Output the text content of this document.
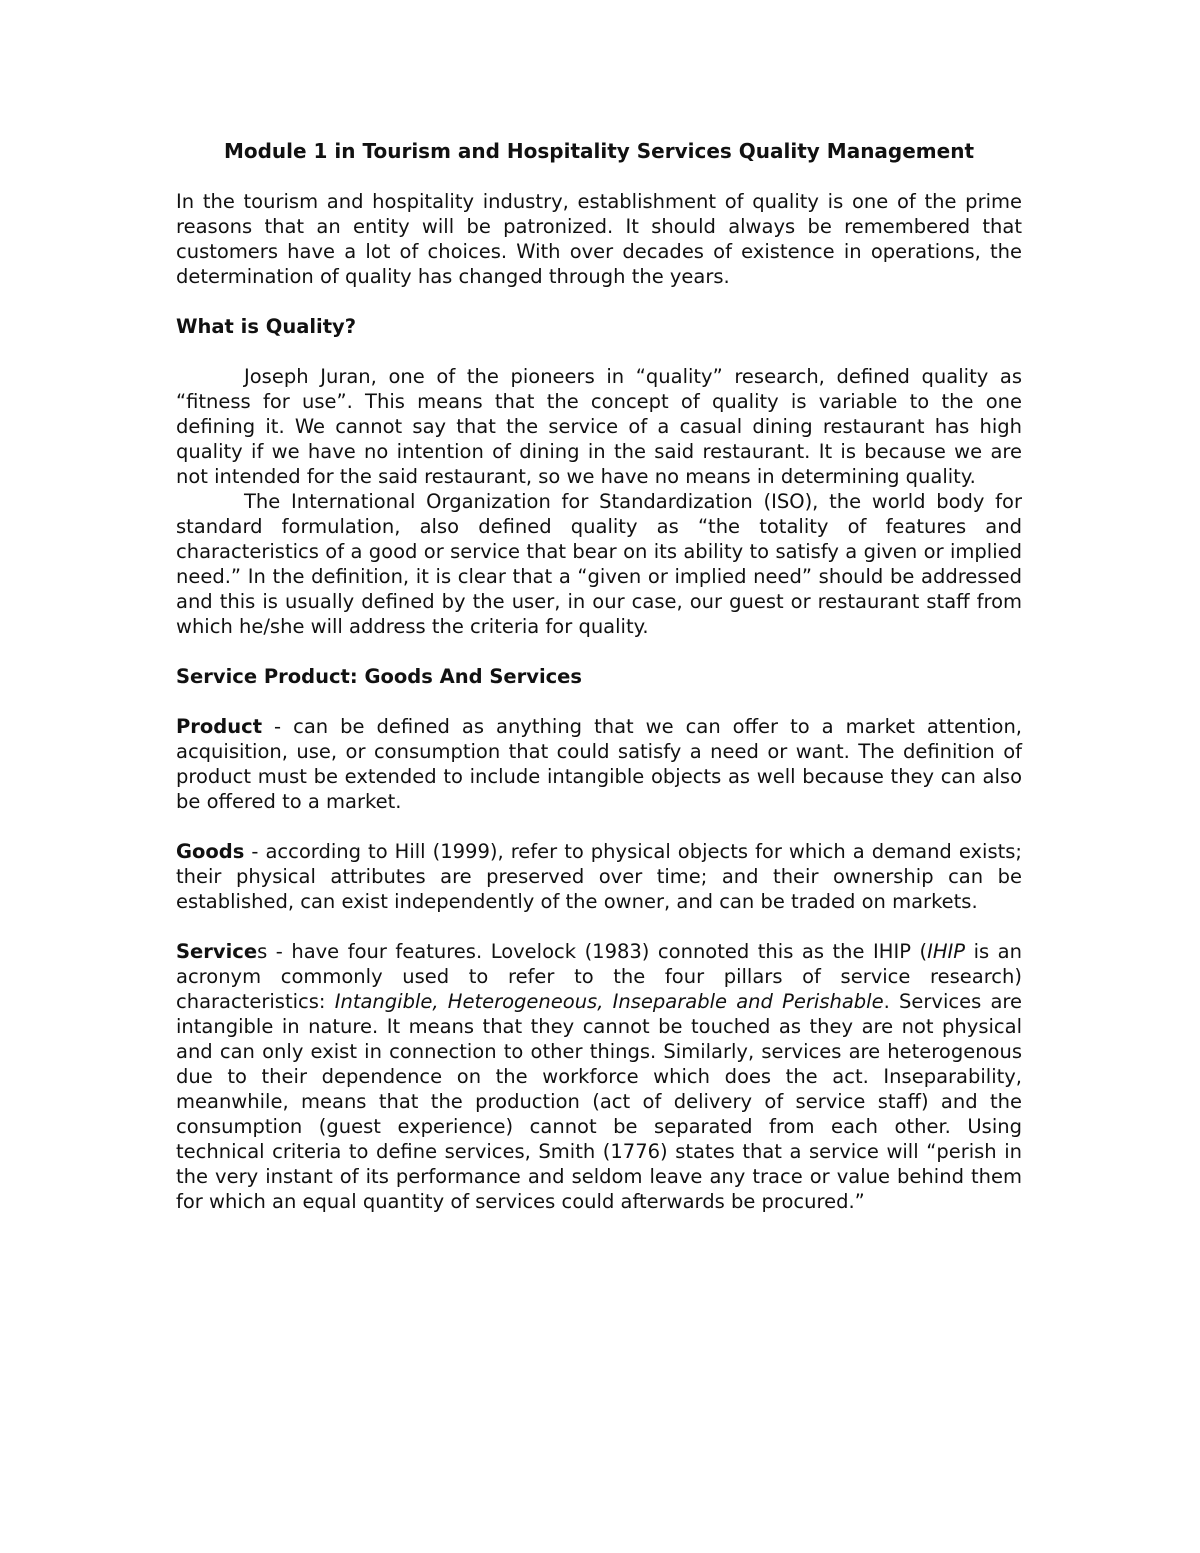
Module 1 in Tourism and Hospitality Services Quality Management

In the tourism and hospitality industry, establishment of quality is one of the prime reasons that an entity will be patronized. It should always be remembered that customers have a lot of choices. With over decades of existence in operations, the determination of quality has changed through the years.

What is Quality?

Joseph Juran, one of the pioneers in “quality” research, defined quality as “fitness for use”. This means that the concept of quality is variable to the one defining it. We cannot say that the service of a casual dining restaurant has high quality if we have no intention of dining in the said restaurant. It is because we are not intended for the said restaurant, so we have no means in determining quality.

The International Organization for Standardization (ISO), the world body for standard formulation, also defined quality as “the totality of features and characteristics of a good or service that bear on its ability to satisfy a given or implied need.” In the definition, it is clear that a “given or implied need” should be addressed and this is usually defined by the user, in our case, our guest or restaurant staff from which he/she will address the criteria for quality.

Service Product: Goods And Services

Product - can be defined as anything that we can offer to a market attention, acquisition, use, or consumption that could satisfy a need or want. The definition of product must be extended to include intangible objects as well because they can also be offered to a market.

Goods - according to Hill (1999), refer to physical objects for which a demand exists; their physical attributes are preserved over time; and their ownership can be established, can exist independently of the owner, and can be traded on markets.

Services - have four features. Lovelock (1983) connoted this as the IHIP (IHIP is an acronym commonly used to refer to the four pillars of service research) characteristics: Intangible, Heterogeneous, Inseparable and Perishable. Services are intangible in nature. It means that they cannot be touched as they are not physical and can only exist in connection to other things. Similarly, services are heterogenous due to their dependence on the workforce which does the act. Inseparability, meanwhile, means that the production (act of delivery of service staff) and the consumption (guest experience) cannot be separated from each other. Using technical criteria to define services, Smith (1776) states that a service will “perish in the very instant of its performance and seldom leave any trace or value behind them for which an equal quantity of services could afterwards be procured.”
